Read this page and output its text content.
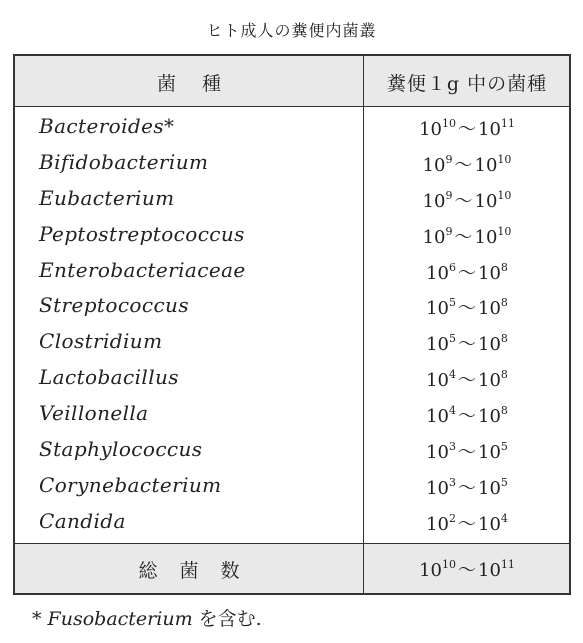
ヒト成人の糞便内菌叢
菌種	糞便１g 中の菌種
Bacteroides*	$10^{10}$ 〜 $10^{11}$
Bifidobacterium	$10^9$ 〜 $10^{10}$
Eubacterium	$10^9$ 〜 $10^{10}$
Peptostreptococcus	$10^9$ 〜 $10^{10}$
Enterobacteriaceae	$10^6$ 〜 $10^8$
Streptococcus	$10^5$ 〜 $10^8$
Clostridium	$10^5$ 〜 $10^8$
Lactobacillus	$10^4$ 〜 $10^8$
Veillonella	$10^4$ 〜 $10^8$
Staphylococcus	$10^3$ 〜 $10^5$
Corynebacterium	$10^3$ 〜 $10^5$
Candida	$10^2$ 〜 $10^4$
総菌数	$10^{10}$ 〜 $10^{11}$
* Fusobacterium を含む.
